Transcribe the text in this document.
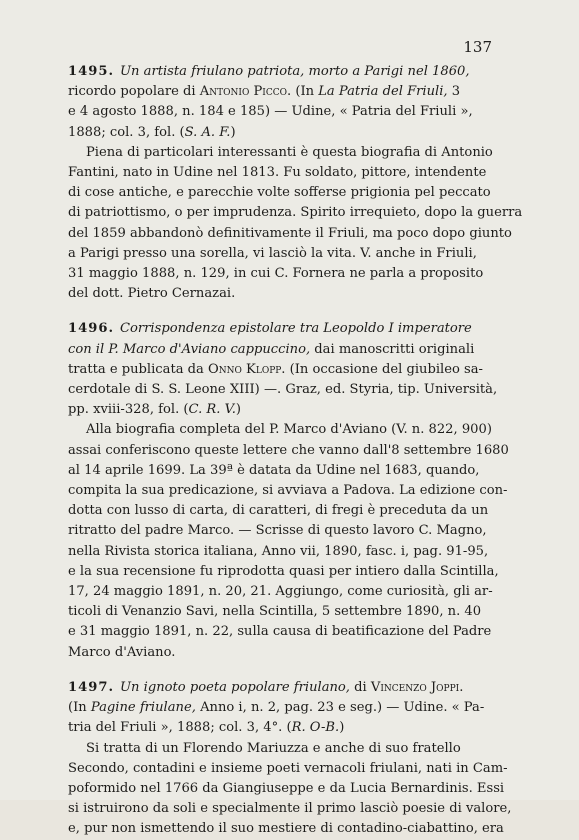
137
1495. Un artista friulano patriota, morto a Parigi nel 1860,
ricordo popolare di Antonio Picco. (In La Patria del Friuli, 3
e 4 agosto 1888, n. 184 e 185) — Udine, « Patria del Friuli »,
1888; col. 3, fol. (S. A. F.)
Piena di particolari interessanti è questa biografia di Antonio
Fantini, nato in Udine nel 1813. Fu soldato, pittore, intendente
di cose antiche, e parecchie volte sofferse prigionia pel peccato
di patriottismo, o per imprudenza. Spirito irrequieto, dopo la guerra
del 1859 abbandonò definitivamente il Friuli, ma poco dopo giunto
a Parigi presso una sorella, vi lasciò la vita. V. anche in Friuli,
31 maggio 1888, n. 129, in cui C. Fornera ne parla a proposito
del dott. Pietro Cernazai.
1496. Corrispondenza epistolare tra Leopoldo I imperatore
con il P. Marco d'Aviano cappuccino, dai manoscritti originali
tratta e publicata da Onno Klopp. (In occasione del giubileo sa-
cerdotale di S. S. Leone XIII) —. Graz, ed. Styria, tip. Università,
pp. xviii-328, fol. (C. R. V.)
Alla biografia completa del P. Marco d'Aviano (V. n. 822, 900)
assai conferiscono queste lettere che vanno dall'8 settembre 1680
al 14 aprile 1699. La 39ª è datata da Udine nel 1683, quando,
compita la sua predicazione, si avviava a Padova. La edizione con-
dotta con lusso di carta, di caratteri, di fregi è preceduta da un
ritratto del padre Marco. — Scrisse di questo lavoro C. Magno,
nella Rivista storica italiana, Anno vii, 1890, fasc. i, pag. 91-95,
e la sua recensione fu riprodotta quasi per intiero dalla Scintilla,
17, 24 maggio 1891, n. 20, 21. Aggiungo, come curiosità, gli ar-
ticoli di Venanzio Savi, nella Scintilla, 5 settembre 1890, n. 40
e 31 maggio 1891, n. 22, sulla causa di beatificazione del Padre
Marco d'Aviano.
1497. Un ignoto poeta popolare friulano, di Vincenzo Joppi.
(In Pagine friulane, Anno i, n. 2, pag. 23 e seg.) — Udine. « Pa-
tria del Friuli », 1888; col. 3, 4°. (R. O-B.)
Si tratta di un Florendo Mariuzza e anche di suo fratello
Secondo, contadini e insieme poeti vernacoli friulani, nati in Cam-
poformido nel 1766 da Giangiuseppe e da Lucia Bernardinis. Essi
si istruirono da soli e specialmente il primo lasciò poesie di valore,
e, pur non ismettendo il suo mestiere di contadino-ciabattino, era
